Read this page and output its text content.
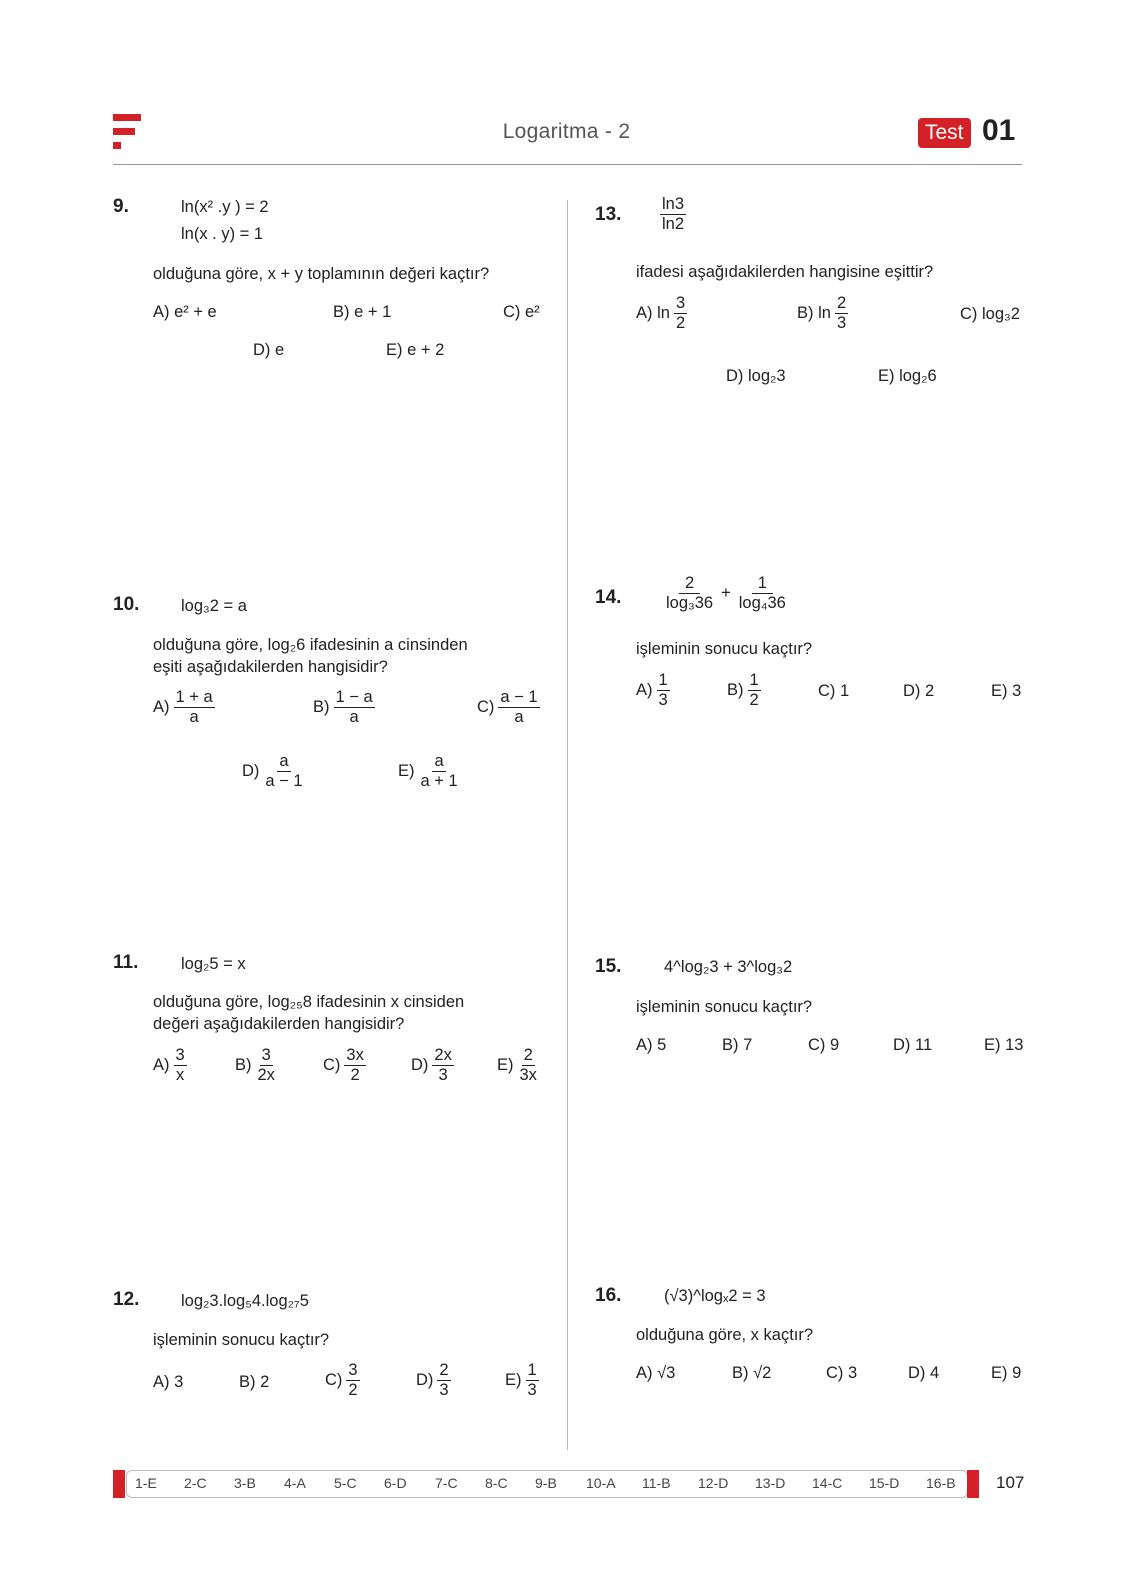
Logaritma - 2	Test 01
9.	ln(x² .y ) = 2
ln(x . y) = 1
olduğuna göre, x + y toplamının değeri kaçtır?
A) e² + e	B) e + 1	C) e²
D) e	E) e + 2
10.	log₃2 = a
olduğuna göre, log₂6 ifadesinin a cinsinden
eşiti aşağıdakilerden hangisidir?
$A) \frac{1 + a}{a}$	$B) \frac{1 - a}{a}$	$C) \frac{a - 1}{a}$
$D) \frac{a}{a - 1}$	$E) \frac{a}{a + 1}$
11.	log₂5 = x
olduğuna göre, log₂₅8 ifadesinin x cinsiden
değeri aşağıdakilerden hangisidir?
$A) \frac{3}{x}$	$B) \frac{3}{2x}$	$C) \frac{3x}{2}$	$D) \frac{2x}{3}$	$E) \frac{2}{3x}$
12.	log₂3.log₅4.log₂₇5
işleminin sonucu kaçtır?
A) 3	B) 2	$C) \frac{3}{2}$	$D) \frac{2}{3}$	$E) \frac{1}{3}$
13. $\frac{\ln 3}{\ln 2}$
ifadesi aşağıdakilerden hangisine eşittir?
A) $\ln \frac{3}{2}$	B) $\ln \frac{2}{3}$	C) log₃2
D) log₂3	E) log₂6
14.	$\frac{2}{\text{log₃36}} + \frac{1}{\text{log₄36}}$
işleminin sonucu kaçtır?
$A) \frac{1}{3}$	$B) \frac{1}{2}$	C) 1	D) 2	E) 3
15.	4^log₂3 + 3^log₃2
işleminin sonucu kaçtır?
A) 5	B) 7	C) 9	D) 11	E) 13
16.	(√3)^logₓ2 = 3
olduğuna göre, x kaçtır?
A) √3	B) √2	C) 3	D) 4	E) 9
1-E 2-C 3-B 4-A 5-C 6-D 7-C 8-C 9-B 10-A 11-B 12-D 13-D 14-C 15-D 16-B 107
